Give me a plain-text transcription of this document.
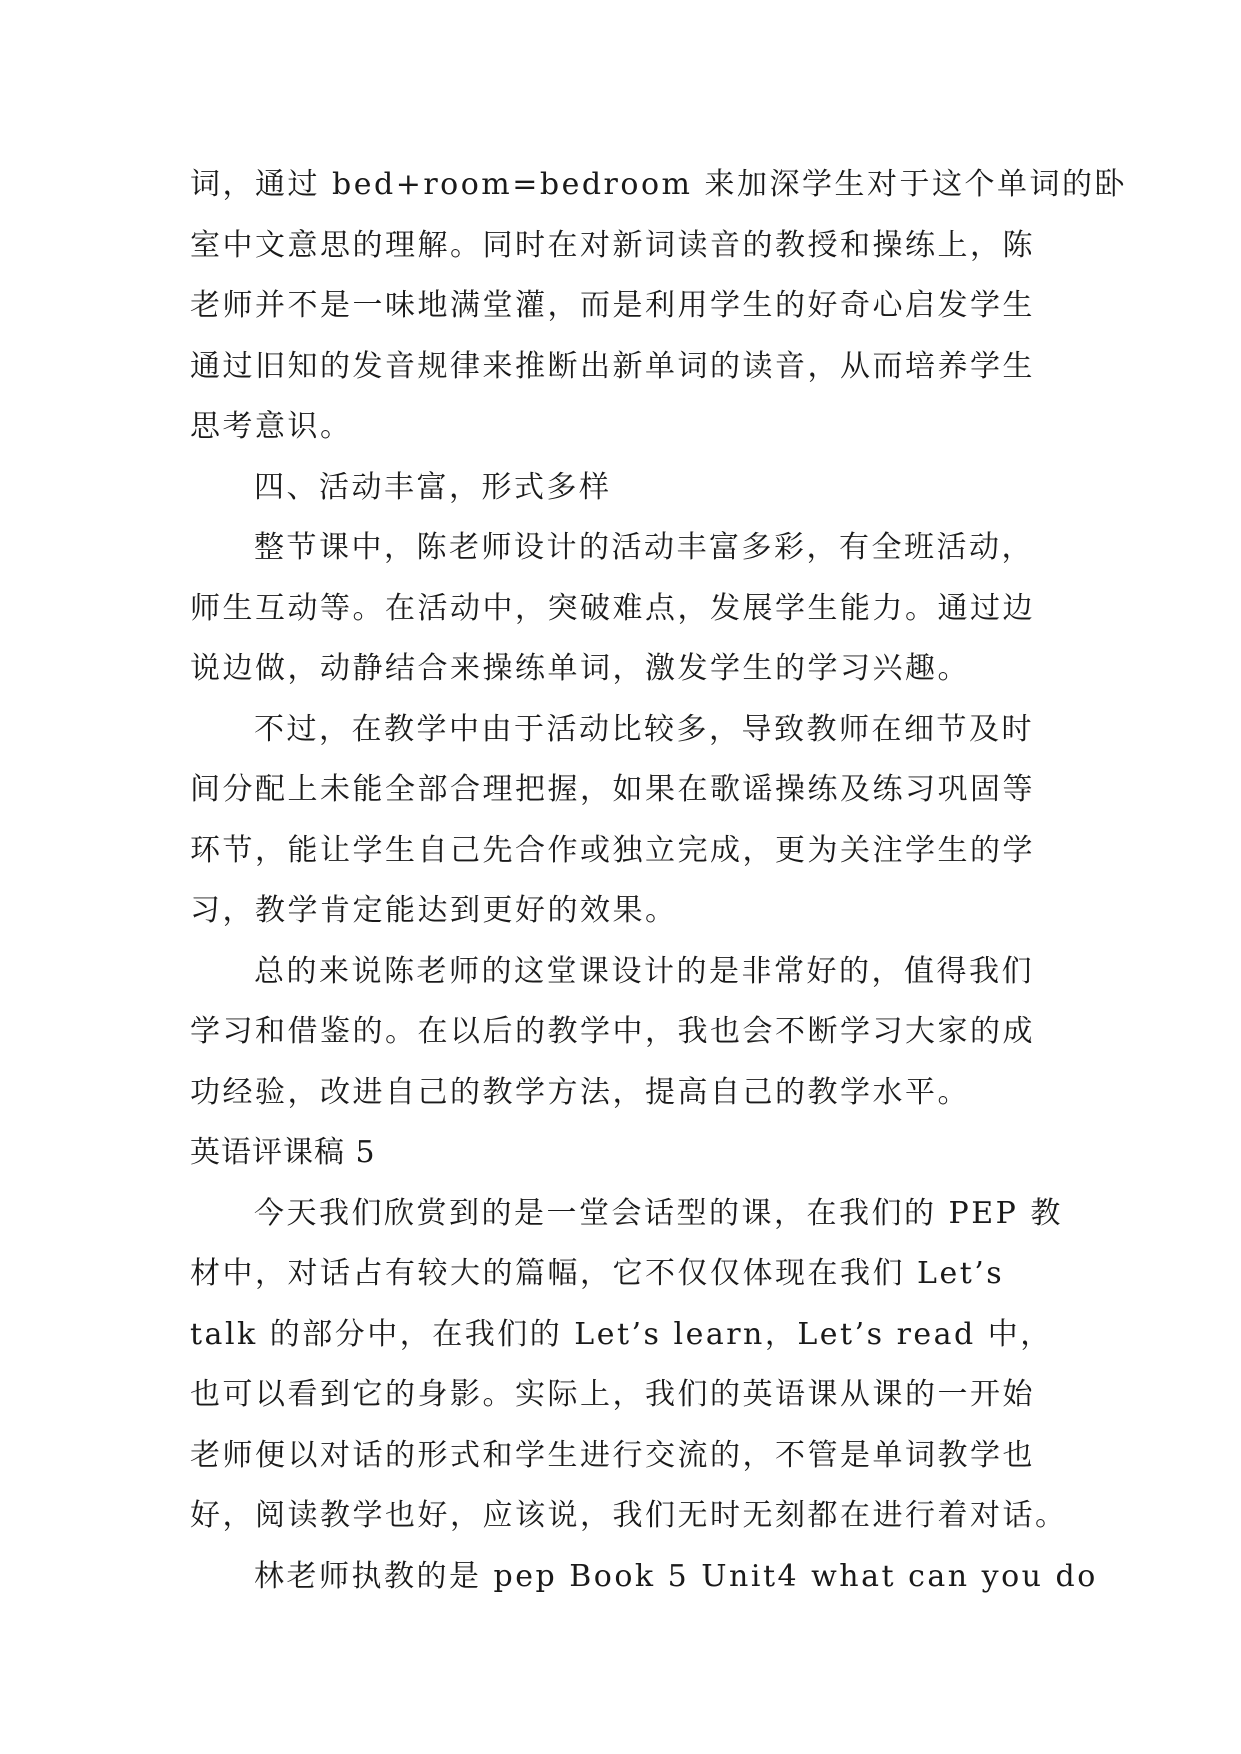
词，通过 bed+room=bedroom 来加深学生对于这个单词的卧
室中文意思的理解。同时在对新词读音的教授和操练上，陈
老师并不是一味地满堂灌，而是利用学生的好奇心启发学生
通过旧知的发音规律来推断出新单词的读音，从而培养学生
思考意识。
四、活动丰富，形式多样
整节课中，陈老师设计的活动丰富多彩，有全班活动，
师生互动等。在活动中，突破难点，发展学生能力。通过边
说边做，动静结合来操练单词，激发学生的学习兴趣。
不过，在教学中由于活动比较多，导致教师在细节及时
间分配上未能全部合理把握，如果在歌谣操练及练习巩固等
环节，能让学生自己先合作或独立完成，更为关注学生的学
习，教学肯定能达到更好的效果。
总的来说陈老师的这堂课设计的是非常好的，值得我们
学习和借鉴的。在以后的教学中，我也会不断学习大家的成
功经验，改进自己的教学方法，提高自己的教学水平。
英语评课稿 5
今天我们欣赏到的是一堂会话型的课，在我们的 PEP 教
材中，对话占有较大的篇幅，它不仅仅体现在我们 Let’s
talk 的部分中，在我们的 Let’s learn，Let’s read 中，
也可以看到它的身影。实际上，我们的英语课从课的一开始
老师便以对话的形式和学生进行交流的，不管是单词教学也
好，阅读教学也好，应该说，我们无时无刻都在进行着对话。
林老师执教的是 pep Book 5 Unit4 what can you do
